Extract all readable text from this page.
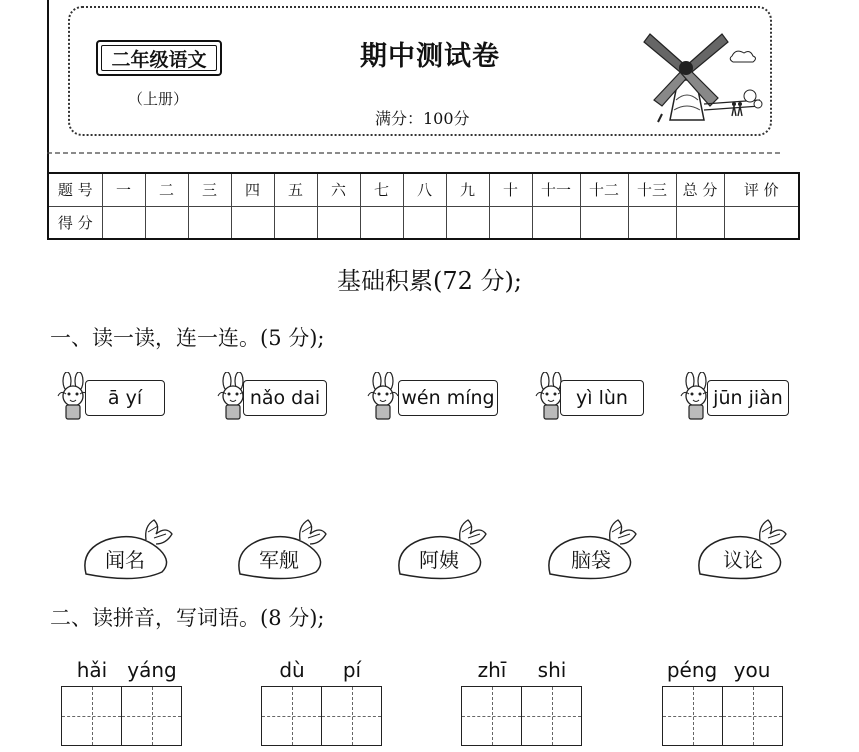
二年级语文
（上册）
期中测试卷
满分：100分
题 号	一	二	三	四	五	六	七	八	九	十	十一	十二	十三	总 分	评 价
得 分															
基础积累(72 分);
一、读一读，连一连。(5 分);
ā yí	nǎo dai	wén míng	yì lùn	jūn jiàn
闻名	军舰	阿姨	脑袋	议论
二、读拼音，写词语。(8 分);
hǎi	yáng	dù	pí	zhī	shi	péng you
